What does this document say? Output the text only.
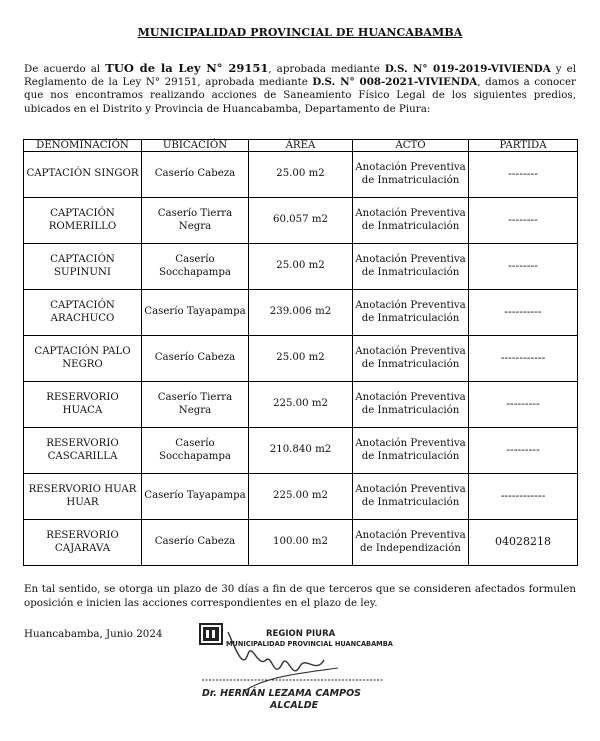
MUNICIPALIDAD PROVINCIAL DE HUANCABAMBA
De acuerdo al TUO de la Ley N° 29151, aprobada mediante D.S. N° 019-2019-VIVIENDA y el Reglamento de la Ley N° 29151, aprobada mediante D.S. N° 008-2021-VIVIENDA, damos a conocer que nos encontramos realizando acciones de Saneamiento Físico Legal de los siguientes predios, ubicados en el Distrito y Provincia de Huancabamba, Departamento de Piura:
DENOMINACIÓN	UBICACIÓN	ÁREA	ACTO	PARTIDA
CAPTACIÓN SINGOR	Caserío Cabeza	25.00 m2	Anotación Preventiva de Inmatriculación	--------
CAPTACIÓN ROMERILLO	Caserío Tierra Negra	60.057 m2	Anotación Preventiva de Inmatriculación	--------
CAPTACIÓN SUPINUNI	Caserío Socchapampa	25.00 m2	Anotación Preventiva de Inmatriculación	--------
CAPTACIÓN ARACHUCO	Caserío Tayapampa	239.006 m2	Anotación Preventiva de Inmatriculación	----------
CAPTACIÓN PALO NEGRO	Caserío Cabeza	25.00 m2	Anotación Preventiva de Inmatriculación	------------
RESERVORIO HUACA	Caserío Tierra Negra	225.00 m2	Anotación Preventiva de Inmatriculación	---------
RESERVORIO CASCARILLA	Caserío Socchapampa	210.840 m2	Anotación Preventiva de Inmatriculación	---------
RESERVORIO HUAR HUAR	Caserío Tayapampa	225.00 m2	Anotación Preventiva de Inmatriculación	------------
RESERVORIO CAJARAVA	Caserío Cabeza	100.00 m2	Anotación Preventiva de Independización	04028218
En tal sentido, se otorga un plazo de 30 días a fin de que terceros que se consideren afectados formulen oposición e inicien las acciones correspondientes en el plazo de ley.
Huancabamba, Junio 2024	REGION PIURA
MUNICIPALIDAD PROVINCIAL HUANCABAMBA
Dr. HERNÁN LEZAMA CAMPOS
ALCALDE
